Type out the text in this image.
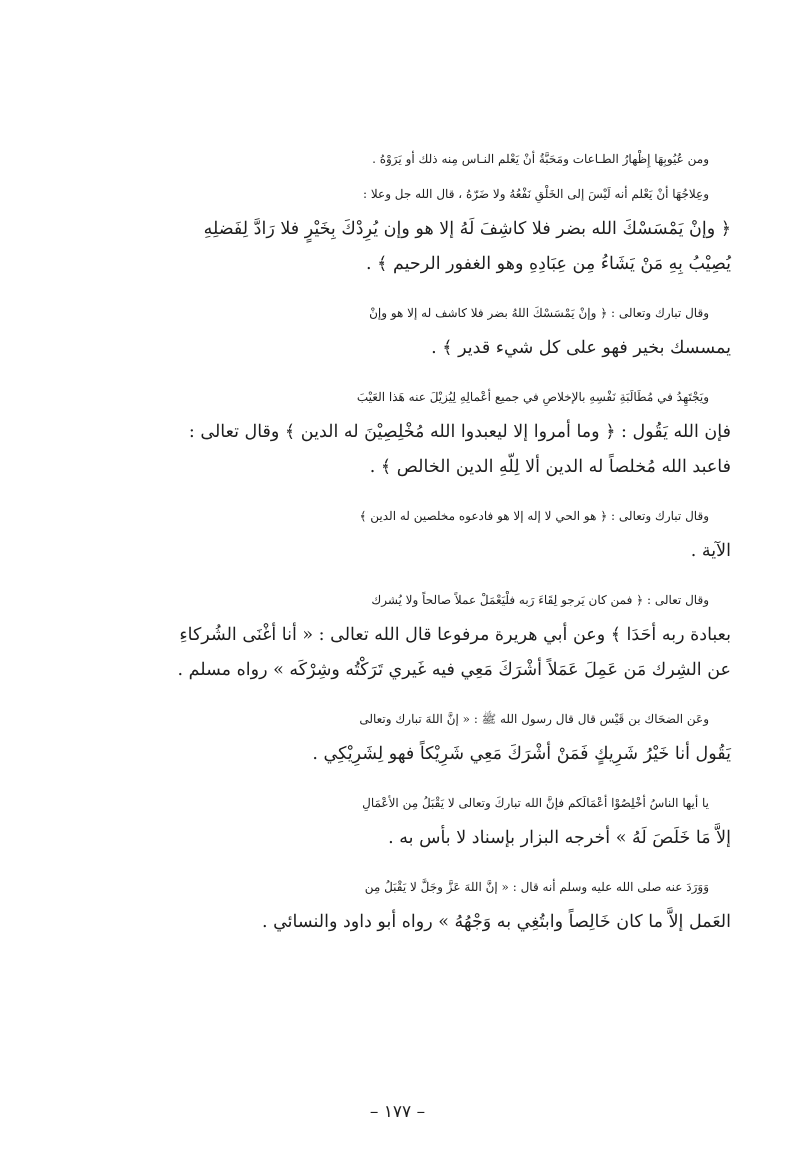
ومن عُيُوبِهَا إِظْهارُ الطـاعات ومَحَبَّةُ أنْ يَعْلم النـاس مِنه ذلك أو يَرَوْهُ .

وعِلاجُهَا أنْ يَعْلم أنه لَيْسَ إلى الخَلْقِ نَفْعُهُ ولا ضَرّهُ ، قال الله جل وعلا :
﴿ وإنْ يَمْسَسْكَ الله بضر فلا كاشِفَ لَهُ إلا هو وإن يُرِدْكَ بِخَيْرٍ فلا رَادَّ لِفَضلِهِ
يُصِيْبُ بِهِ مَنْ يَشَاءُ مِن عِبَادِهِ وهو الغفور الرحيم ﴾ .

وقال تبارك وتعالى : ﴿ وإنْ يَمْسَسْكَ اللهُ بضر فلا كاشف له إلا هو وإنْ
يمسسك بخير فهو على كل شيء قدير ﴾ .

ويَجْتَهِدُ في مُطَالَبَةِ نَفْسِهِ بالإخلاصِ في جميع أعْمالِهِ لِيُزيْلَ عنه هَذا العَيْبَ
فإن الله يَقُول : ﴿ وما أمروا إلا ليعبدوا الله مُخْلِصِيْنَ له الدين ﴾ وقال تعالى :
فاعبد الله مُخلصاً له الدين ألا لِلّهِ الدين الخالص ﴾ .

وقال تبارك وتعالى : ﴿ هو الحي لا إله إلا هو فادعوه مخلصين له الدين ﴾
الآية .

وقال تعالى : ﴿ فمن كان يَرجو لِقَاءَ رَبه فلْيَعْمَلْ عملاً صالحاً ولا يُشرك
بعبادة ربه أحَدَا ﴾ وعن أبي هريرة مرفوعا قال الله تعالى : « أنا أغْنَى الشُركاءِ
عن الشِرك مَن عَمِلَ عَمَلاً أشْرَكَ مَعِي فيه غَيري تَرَكْتُه وشِرْكَه » رواه مسلم .

وعَن الضحَاك بن قَيْس قال قال رسول الله ﷺ : « إنَّ اللهَ تبارك وتعالى
يَقُول أنا خَيْرُ شَرِيكٍ فَمَنْ أشْرَكَ مَعِي شَرِيْكاً فهو لِشَرِيْكِي .

يا أيها الناسُ أخْلِصُوْا أعْمَالَكم فإنَّ الله تباركَ وتعالى لا يَقْبَلُ مِن الأعْمَالِ
إلاَّ مَا خَلَصَ لَهُ » أخرجه البزار بإسناد لا بأس به .

وَوَرَدَ عنه صلى الله عليه وسلم أنه قال : « إنَّ اللهَ عَزَّ وجَلَّ لا يَقْبَلُ مِن
العَمل إلاَّ ما كان خَالِصاً وابتُغِي به وَجْهُهُ » رواه أبو داود والنسائي .

– ١٧٧ –
